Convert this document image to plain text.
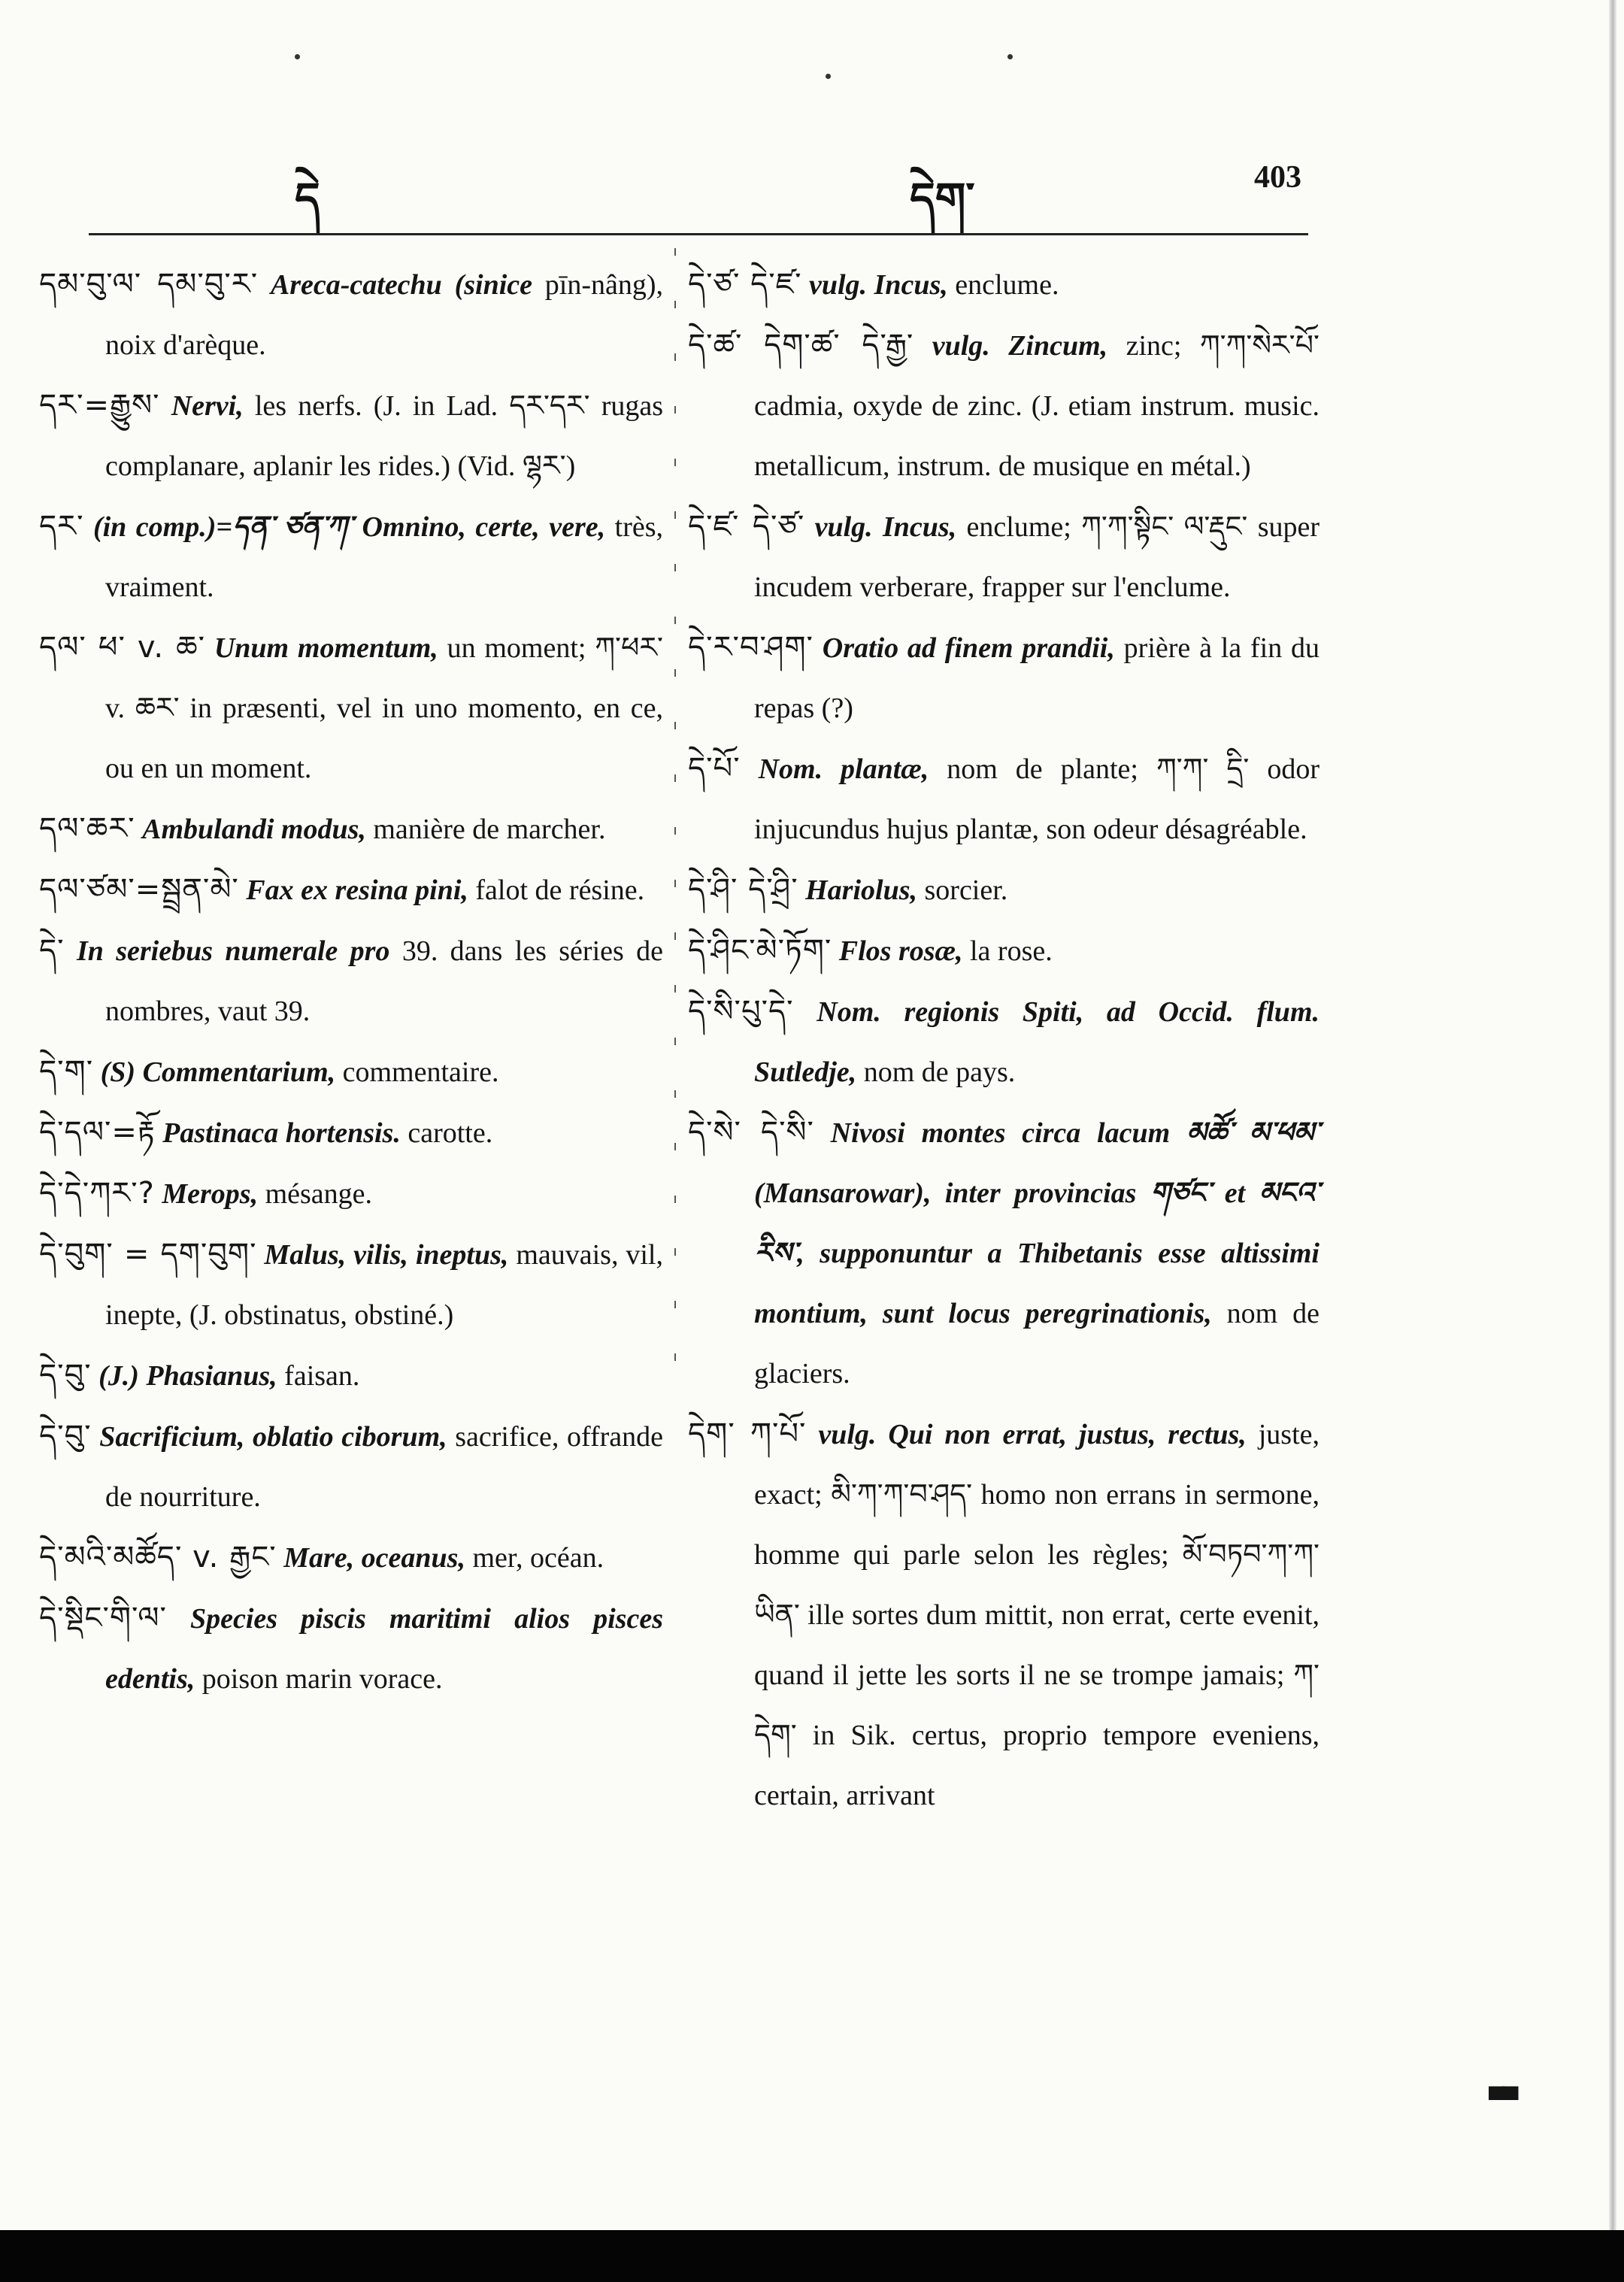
དེ	དེག་	403

དམ་བུ་ལ་ དམ་བུ་ར་ Areca-catechu (sinice pīn-nâng), noix d'arèque.

དར་=རྒྱུས་ Nervi, les nerfs. (J. in Lad. དར་དར་ rugas complanare, aplanir les rides.) (Vid. ལྷར་)

དར་ (in comp.)=དན་ ཙན་ཀ་ Omnino, certe, vere, très, vraiment.

དལ་ ཕ་ v. ཆ་ Unum momentum, un moment; ཀ་ཕར་ v. ཆར་ in præsenti, vel in uno momento, en ce, ou en un moment.

དལ་ཆར་ Ambulandi modus, manière de marcher.

དལ་ཙམ་=སྦྲན་མེ་ Fax ex resina pini, falot de résine.

དེ་ In seriebus numerale pro 39. dans les séries de nombres, vaut 39.

དེ་ག་ (S) Commentarium, commentaire.

དེ་དལ་=རྟོ Pastinaca hortensis. carotte.

དེ་དེ་ཀར་? Merops, mésange.

དེ་བུག་ = དག་བུག་ Malus, vilis, ineptus, mauvais, vil, inepte, (J. obstinatus, obstiné.)

དེ་བུ་ (J.) Phasianus, faisan.

དེ་བུ་ Sacrificium, oblatio ciborum, sacrifice, offrande de nourriture.

དེ་མའི་མཚོད་ v. རྒྱང་ Mare, oceanus, mer, océan.

དེ་སྡིང་གི་ལ་ Species piscis maritimi alios pisces edentis, poison marin vorace.

དེ་ཙ་ དེ་ཛ་ vulg. Incus, enclume.

དེ་ཚ་ དེག་ཚ་ དེ་རྒྱ་ vulg. Zincum, zinc; ཀ་ཀ་སེར་པོ་ cadmia, oxyde de zinc. (J. etiam instrum. music. metallicum, instrum. de musique en métal.)

དེ་ཛ་ དེ་ཙ་ vulg. Incus, enclume; ཀ་ཀ་སྟིང་ ལ་རྡུང་ super incudem verberare, frapper sur l'enclume.

དེ་ར་བ་ཤག་ Oratio ad finem prandii, prière à la fin du repas (?)

དེ་པོ་ Nom. plantæ, nom de plante; ཀ་ཀ་ དྲི་ odor injucundus hujus plantæ, son odeur désagréable.

དེ་ཤི་ དེ་ཤྲི་ Hariolus, sorcier.

དེ་ཤིང་མེ་ཏོག་ Flos rosæ, la rose.

དེ་སི་པུ་དེ་ Nom. regionis Spiti, ad Occid. flum. Sutledje, nom de pays.

དེ་སེ་ དེ་སི་ Nivosi montes circa lacum མཚོ་ མ་ཕམ་ (Mansarowar), inter provincias གཙང་ et མངའ་རིས་, supponuntur a Thibetanis esse altissimi montium, sunt locus peregrinationis, nom de glaciers.

དེག་ ཀ་པོ་ vulg. Qui non errat, justus, rectus, juste, exact; མི་ཀ་ཀ་བ་ཤད་ homo non errans in sermone, homme qui parle selon les règles; མོ་བཏབ་ཀ་ཀ་ཡིན་ ille sortes dum mittit, non errat, certe evenit, quand il jette les sorts il ne se trompe jamais; ཀ་དེག་ in Sik. certus, proprio tempore eveniens, certain, arrivant

▀▀
